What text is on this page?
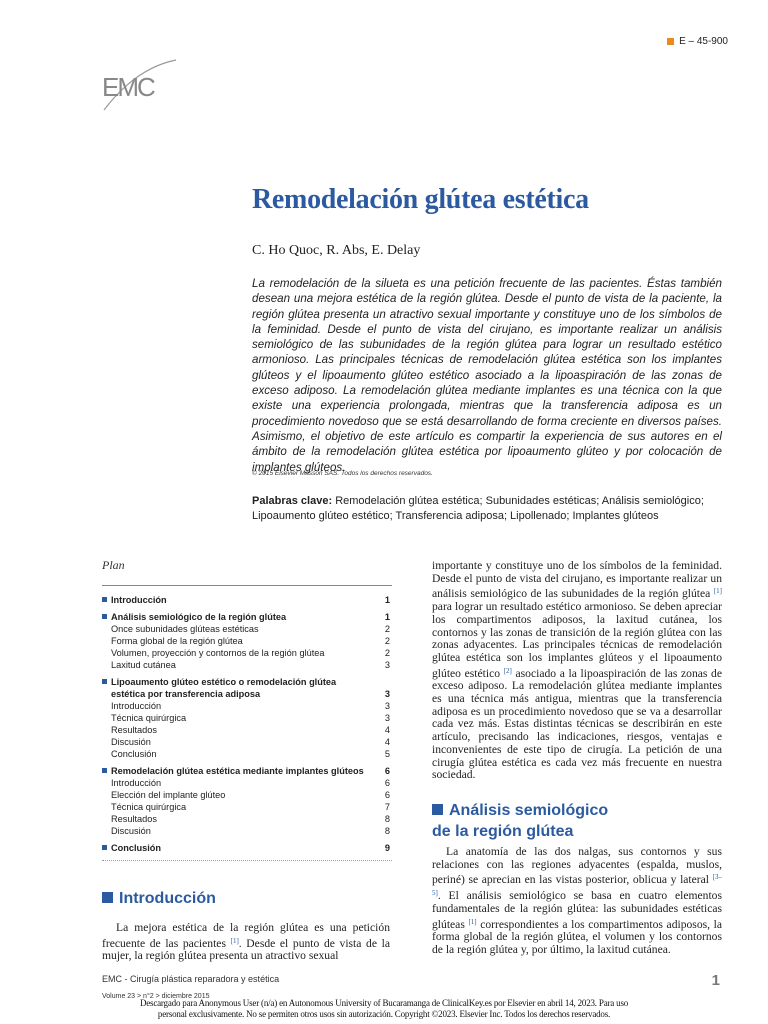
E – 45-900
EMC
Remodelación glútea estética
C. Ho Quoc, R. Abs, E. Delay
La remodelación de la silueta es una petición frecuente de las pacientes. Éstas también desean una mejora estética de la región glútea. Desde el punto de vista de la paciente, la región glútea presenta un atractivo sexual importante y constituye uno de los símbolos de la feminidad. Desde el punto de vista del cirujano, es importante realizar un análisis semiológico de las subunidades de la región glútea para lograr un resultado estético armonioso. Las principales técnicas de remodelación glútea estética son los implantes glúteos y el lipoaumento glúteo estético asociado a la lipoaspiración de las zonas de exceso adiposo. La remodelación glútea mediante implantes es una técnica con la que existe una experiencia prolongada, mientras que la transferencia adiposa es un procedimiento novedoso que se está desarrollando de forma creciente en diversos países. Asimismo, el objetivo de este artículo es compartir la experiencia de sus autores en el ámbito de la remodelación glútea estética por lipoaumento glúteo y por colocación de implantes glúteos.
© 2015 Elsevier Masson SAS. Todos los derechos reservados.
Palabras clave: Remodelación glútea estética; Subunidades estéticas; Análisis semiológico; Lipoaumento glúteo estético; Transferencia adiposa; Lipollenado; Implantes glúteos
Plan
Introducción	1
Análisis semiológico de la región glútea	1
Once subunidades glúteas estéticas	2
Forma global de la región glútea	2
Volumen, proyección y contornos de la región glútea	2
Laxitud cutánea	3
Lipoaumento glúteo estético o remodelación glútea estética por transferencia adiposa	3
Introducción	3
Técnica quirúrgica	3
Resultados	4
Discusión	4
Conclusión	5
Remodelación glútea estética mediante implantes glúteos	6
Introducción	6
Elección del implante glúteo	6
Técnica quirúrgica	7
Resultados	8
Discusión	8
Conclusión	9
Introducción

La mejora estética de la región glútea es una petición frecuente de las pacientes [1]. Desde el punto de vista de la mujer, la región glútea presenta un atractivo sexual

importante y constituye uno de los símbolos de la feminidad. Desde el punto de vista del cirujano, es importante realizar un análisis semiológico de las subunidades de la región glútea [1] para lograr un resultado estético armonioso. Se deben apreciar los compartimentos adiposos, la laxitud cutánea, los contornos y las zonas de transición de la región glútea con las zonas adyacentes. Las principales técnicas de remodelación glútea estética son los implantes glúteos y el lipoaumento glúteo estético [2] asociado a la lipoaspiración de las zonas de exceso adiposo. La remodelación glútea mediante implantes es una técnica más antigua, mientras que la transferencia adiposa es un procedimiento novedoso que se va a desarrollar cada vez más. Estas distintas técnicas se describirán en este artículo, precisando las indicaciones, riesgos, ventajas e inconvenientes de este tipo de cirugía. La petición de una cirugía glútea estética es cada vez más frecuente en nuestra sociedad.

Análisis semiológico
de la región glútea

La anatomía de las dos nalgas, sus contornos y sus relaciones con las regiones adyacentes (espalda, muslos, periné) se aprecian en las vistas posterior, oblicua y lateral [3–5]. El análisis semiológico se basa en cuatro elementos fundamentales de la región glútea: las subunidades estéticas glúteas [1] correspondientes a los compartimentos adiposos, la forma global de la región glútea, el volumen y los contornos de la región glútea y, por último, la laxitud cutánea.

EMC - Cirugía plástica reparadora y estética	1
Volume 23 > n°2 > diciembre 2015
Descargado para Anonymous User (n/a) en Autonomous University of Bucaramanga de ClinicalKey.es por Elsevier en abril 14, 2023. Para uso
personal exclusivamente. No se permiten otros usos sin autorización. Copyright ©2023. Elsevier Inc. Todos los derechos reservados.
